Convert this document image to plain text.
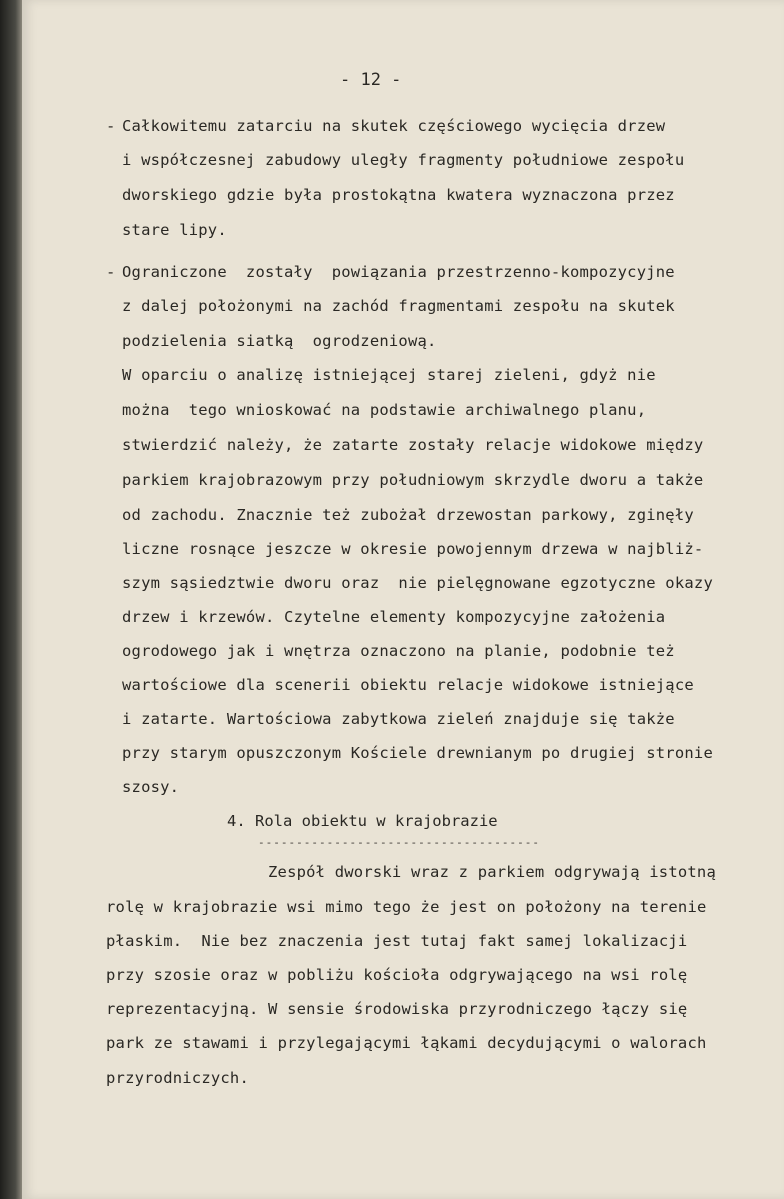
- 12 -
- Całkowitemu zatarciu na skutek częściowego wycięcia drzew
i współczesnej zabudowy uległy fragmenty południowe zespołu
dworskiego gdzie była prostokątna kwatera wyznaczona przez
stare lipy.
- Ograniczone  zostały  powiązania przestrzenno-kompozycyjne
z dalej położonymi na zachód fragmentami zespołu na skutek
podzielenia siatką  ogrodzeniową.
W oparciu o analizę istniejącej starej zieleni, gdyż nie
można  tego wnioskować na podstawie archiwalnego planu,
stwierdzić należy, że zatarte zostały relacje widokowe między
parkiem krajobrazowym przy południowym skrzydle dworu a także
od zachodu. Znacznie też zubożał drzewostan parkowy, zginęły
liczne rosnące jeszcze w okresie powojennym drzewa w najbliż-
szym sąsiedztwie dworu oraz  nie pielęgnowane egzotyczne okazy
drzew i krzewów. Czytelne elementy kompozycyjne założenia
ogrodowego jak i wnętrza oznaczono na planie, podobnie też
wartościowe dla scenerii obiektu relacje widokowe istniejące
i zatarte. Wartościowa zabytkowa zieleń znajduje się także
przy starym opuszczonym Kościele drewnianym po drugiej stronie
szosy.
4. Rola obiektu w krajobrazie
-------------------------------------
Zespół dworski wraz z parkiem odgrywają istotną
rolę w krajobrazie wsi mimo tego że jest on położony na terenie
płaskim.  Nie bez znaczenia jest tutaj fakt samej lokalizacji
przy szosie oraz w pobliżu kościoła odgrywającego na wsi rolę
reprezentacyjną. W sensie środowiska przyrodniczego łączy się
park ze stawami i przylegającymi łąkami decydującymi o walorach
przyrodniczych.
